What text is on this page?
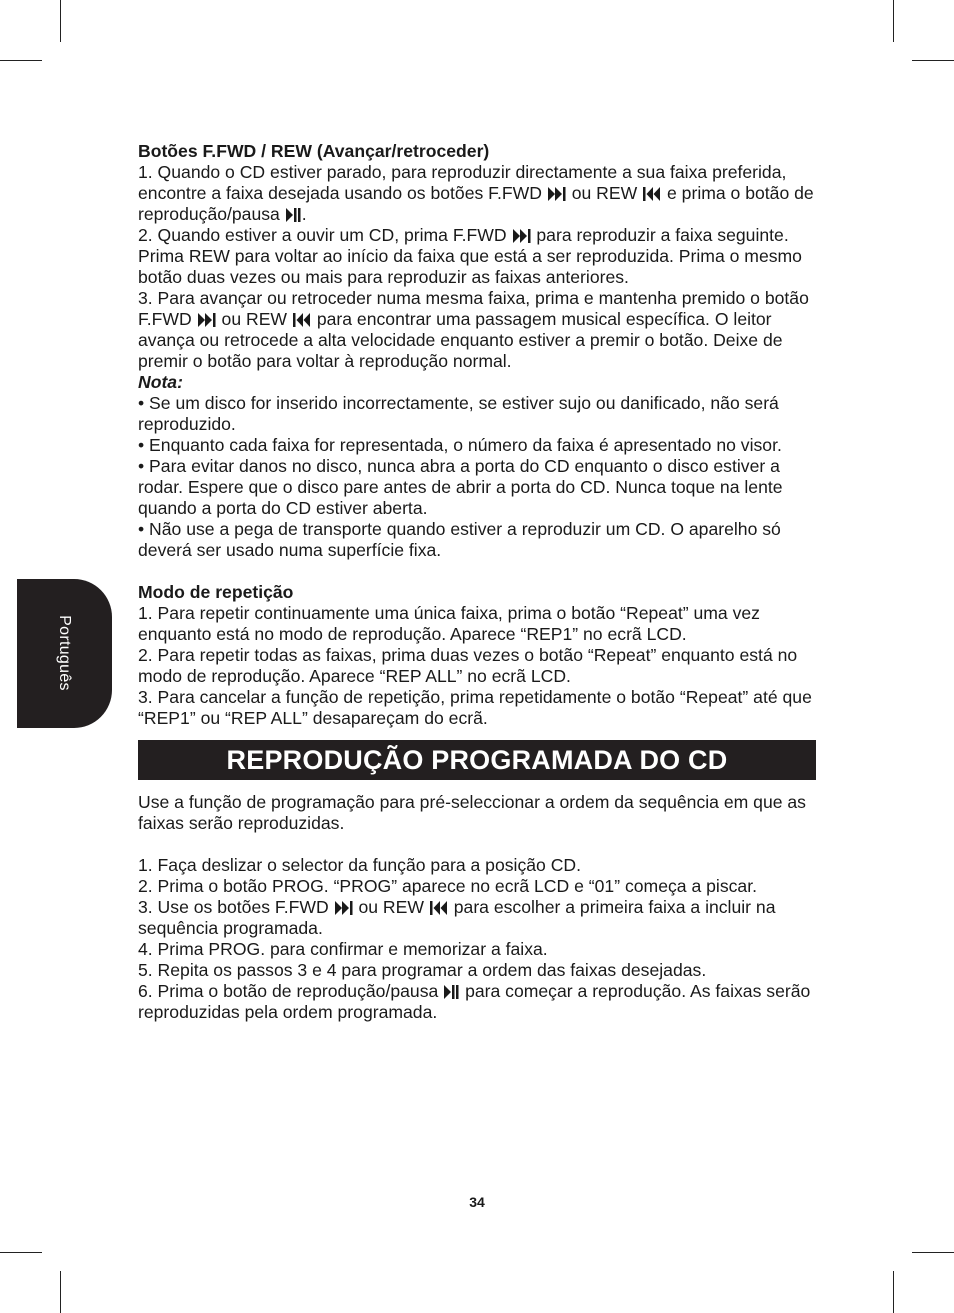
Português

Botões F.FWD / REW (Avançar/retroceder)

1. Quando o CD estiver parado, para reproduzir directamente a sua faixa preferida, encontre a faixa desejada usando os botões F.FWD ou REW e prima o botão de reprodução/pausa .

2. Quando estiver a ouvir um CD, prima F.FWD para reproduzir a faixa seguinte. Prima REW para voltar ao início da faixa que está a ser reproduzida. Prima o mesmo botão duas vezes ou mais para reproduzir as faixas anteriores.

3. Para avançar ou retroceder numa mesma faixa, prima e mantenha premido o botão F.FWD ou REW para encontrar uma passagem musical específica. O leitor avança ou retrocede a alta velocidade enquanto estiver a premir o botão. Deixe de premir o botão para voltar à reprodução normal.

Nota:

• Se um disco for inserido incorrectamente, se estiver sujo ou danificado, não será reproduzido.

• Enquanto cada faixa for representada, o número da faixa é apresentado no visor.

• Para evitar danos no disco, nunca abra a porta do CD enquanto o disco estiver a rodar. Espere que o disco pare antes de abrir a porta do CD. Nunca toque na lente quando a porta do CD estiver aberta.

• Não use a pega de transporte quando estiver a reproduzir um CD. O aparelho só deverá ser usado numa superfície fixa.

Modo de repetição

1. Para repetir continuamente uma única faixa, prima o botão “Repeat” uma vez enquanto está no modo de reprodução. Aparece “REP1” no ecrã LCD.

2. Para repetir todas as faixas, prima duas vezes o botão “Repeat” enquanto está no modo de reprodução. Aparece “REP ALL” no ecrã LCD.

3. Para cancelar a função de repetição, prima repetidamente o botão “Repeat” até que “REP1” ou “REP ALL” desapareçam do ecrã.

REPRODUÇÃO PROGRAMADA DO CD

Use a função de programação para pré-seleccionar a ordem da sequência em que as faixas serão reproduzidas.

1. Faça deslizar o selector da função para a posição CD.

2. Prima o botão PROG. “PROG” aparece no ecrã LCD e “01” começa a piscar.

3. Use os botões F.FWD ou REW para escolher a primeira faixa a incluir na sequência programada.

4. Prima PROG. para confirmar e memorizar a faixa.

5. Repita os passos 3 e 4 para programar a ordem das faixas desejadas.

6. Prima o botão de reprodução/pausa para começar a reprodução. As faixas serão reproduzidas pela ordem programada.

34
